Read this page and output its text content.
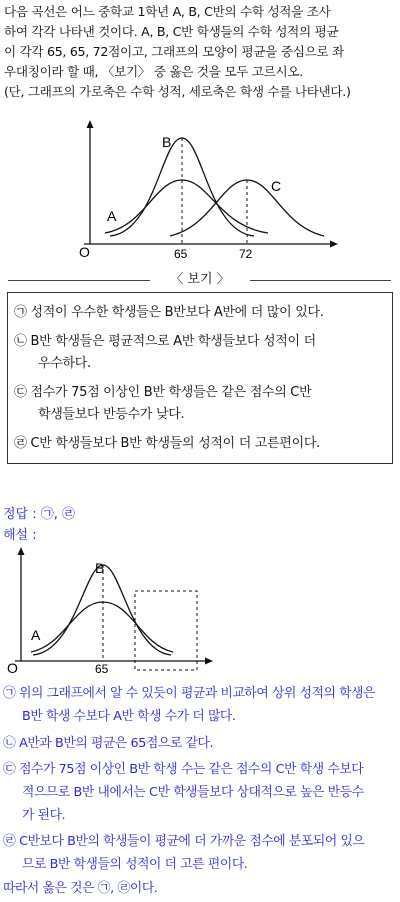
다음 곡선은 어느 중학교 1학년 A, B, C반의 수학 성적을 조사

하여 각각 나타낸 것이다. A, B, C반 학생들의 수학 성적의 평균

이 각각 65, 65, 72점이고, 그래프의 모양이 평균을 중심으로 좌

우대칭이라 할 때, 〈보기〉 중 옳은 것을 모두 고르시오.

(단, 그래프의 가로축은 수학 성적, 세로축은 학생 수를 나타낸다.)

B
A
C
O	65	72
〈 보기 〉
㉠ 성적이 우수한 학생들은 B반보다 A반에 더 많이 있다.
㉡ B반 학생들은 평균적으로 A반 학생들보다 성적이 더
우수하다.
㉢ 점수가 75점 이상인 B반 학생들은 같은 점수의 C반
학생들보다 반등수가 낮다.
㉣ C반 학생들보다 B반 학생들의 성적이 더 고른편이다.
정답 : ㉠, ㉣
해설 :
B
A
O	65
㉠ 위의 그래프에서 알 수 있듯이 평균과 비교하여 상위 성적의 학생은
B반 학생 수보다 A반 학생 수가 더 많다.
㉡ A반과 B반의 평균은 65점으로 같다.
㉢ 점수가 75점 이상인 B반 학생 수는 같은 점수의 C반 학생 수보다
적으므로 B반 내에서는 C반 학생들보다 상대적으로 높은 반등수
가 된다.
㉣ C반보다 B반의 학생들이 평균에 더 가까운 점수에 분포되어 있으
므로 B반 학생들의 성적이 더 고른 편이다.
따라서 옳은 것은 ㉠, ㉣이다.
